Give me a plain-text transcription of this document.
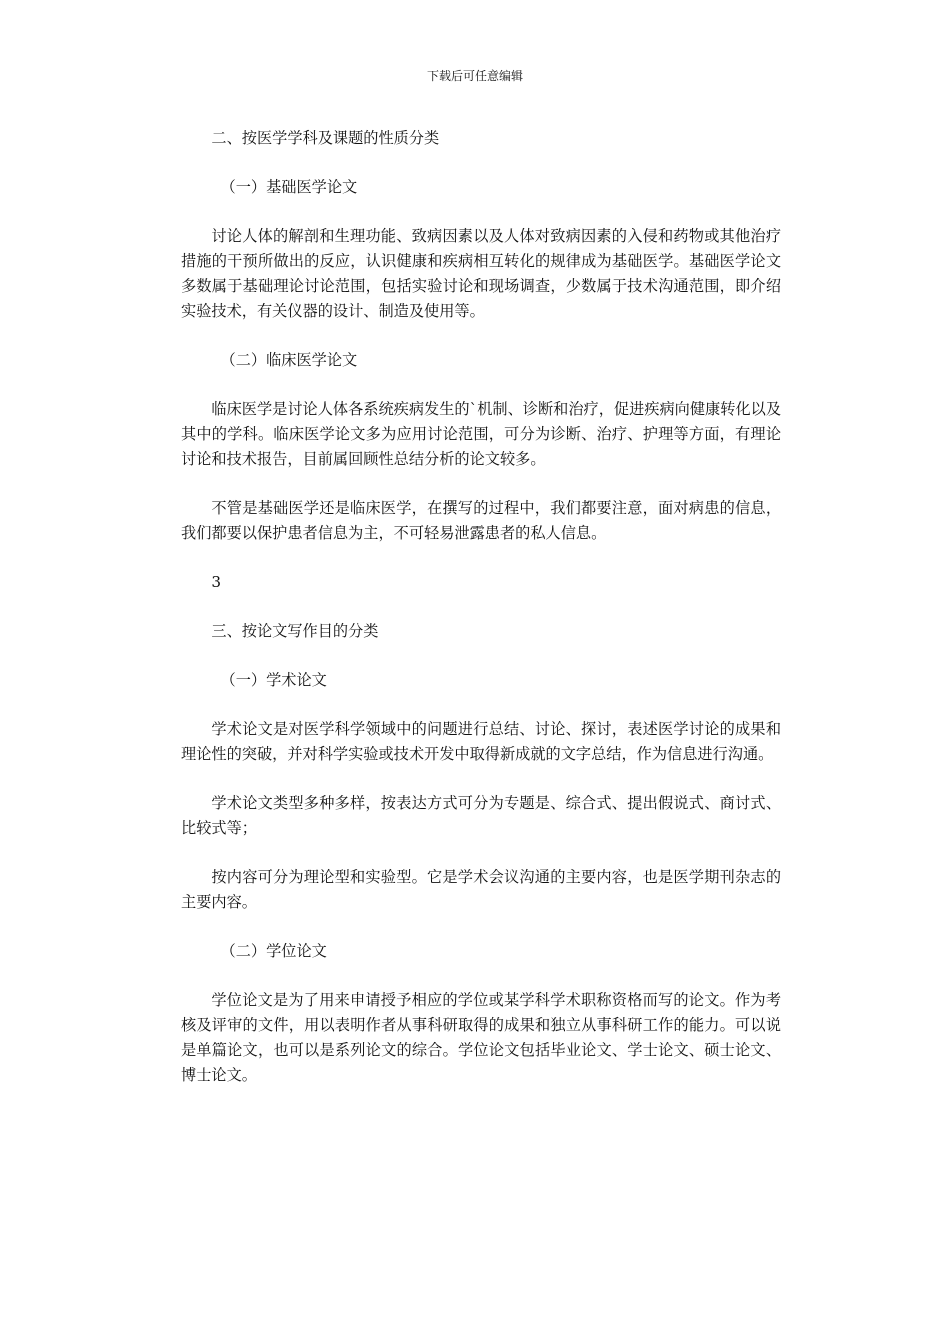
下载后可任意编辑

二、按医学学科及课题的性质分类

（一）基础医学论文

讨论人体的解剖和生理功能、致病因素以及人体对致病因素的入侵和药物或其他治疗措施的干预所做出的反应，认识健康和疾病相互转化的规律成为基础医学。基础医学论文多数属于基础理论讨论范围，包括实验讨论和现场调查，少数属于技术沟通范围，即介绍实验技术，有关仪器的设计、制造及使用等。

（二）临床医学论文

临床医学是讨论人体各系统疾病发生的`机制、诊断和治疗，促进疾病向健康转化以及其中的学科。临床医学论文多为应用讨论范围，可分为诊断、治疗、护理等方面，有理论讨论和技术报告，目前属回顾性总结分析的论文较多。

不管是基础医学还是临床医学，在撰写的过程中，我们都要注意，面对病患的信息，我们都要以保护患者信息为主，不可轻易泄露患者的私人信息。

3

三、按论文写作目的分类

（一）学术论文

学术论文是对医学科学领域中的问题进行总结、讨论、探讨，表述医学讨论的成果和理论性的突破，并对科学实验或技术开发中取得新成就的文字总结，作为信息进行沟通。

学术论文类型多种多样，按表达方式可分为专题是、综合式、提出假说式、商讨式、比较式等；

按内容可分为理论型和实验型。它是学术会议沟通的主要内容，也是医学期刊杂志的主要内容。

（二）学位论文

学位论文是为了用来申请授予相应的学位或某学科学术职称资格而写的论文。作为考核及评审的文件，用以表明作者从事科研取得的成果和独立从事科研工作的能力。可以说是单篇论文，也可以是系列论文的综合。学位论文包括毕业论文、学士论文、硕士论文、博士论文。
